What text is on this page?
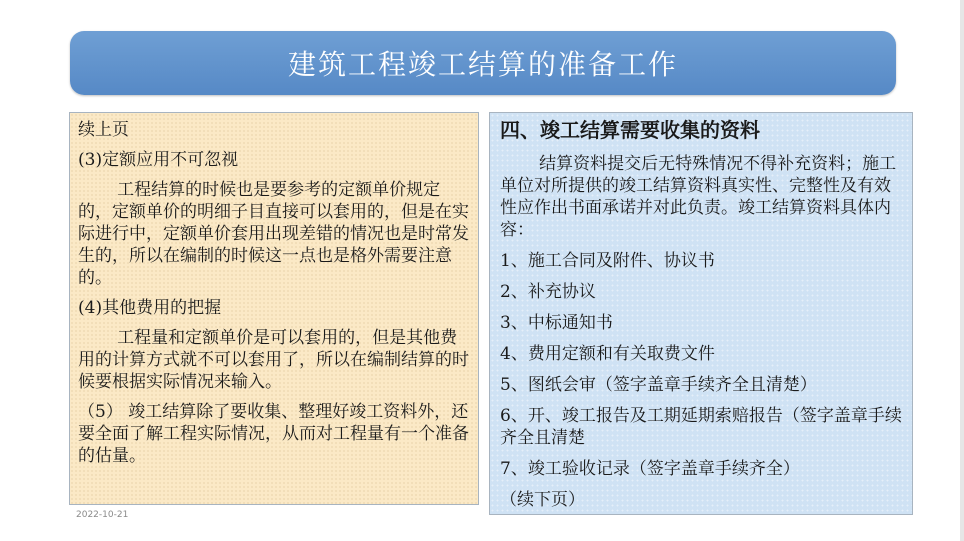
建筑工程竣工结算的准备工作

续上页

(3)定额应用不可忽视

工程结算的时候也是要参考的定额单价规定的，定额单价的明细子目直接可以套用的，但是在实际进行中，定额单价套用出现差错的情况也是时常发生的，所以在编制的时候这一点也是格外需要注意的。

(4)其他费用的把握

工程量和定额单价是可以套用的，但是其他费用的计算方式就不可以套用了，所以在编制结算的时候要根据实际情况来输入。

（5） 竣工结算除了要收集、整理好竣工资料外，还要全面了解工程实际情况，从而对工程量有一个准备的估量。

四、竣工结算需要收集的资料

结算资料提交后无特殊情况不得补充资料；施工单位对所提供的竣工结算资料真实性、完整性及有效性应作出书面承诺并对此负责。竣工结算资料具体内容：

1、施工合同及附件、协议书

2、补充协议

3、中标通知书

4、费用定额和有关取费文件

5、图纸会审（签字盖章手续齐全且清楚）

6、开、竣工报告及工期延期索赔报告（签字盖章手续齐全且清楚

7、竣工验收记录（签字盖章手续齐全）

（续下页）

2022-10-21
